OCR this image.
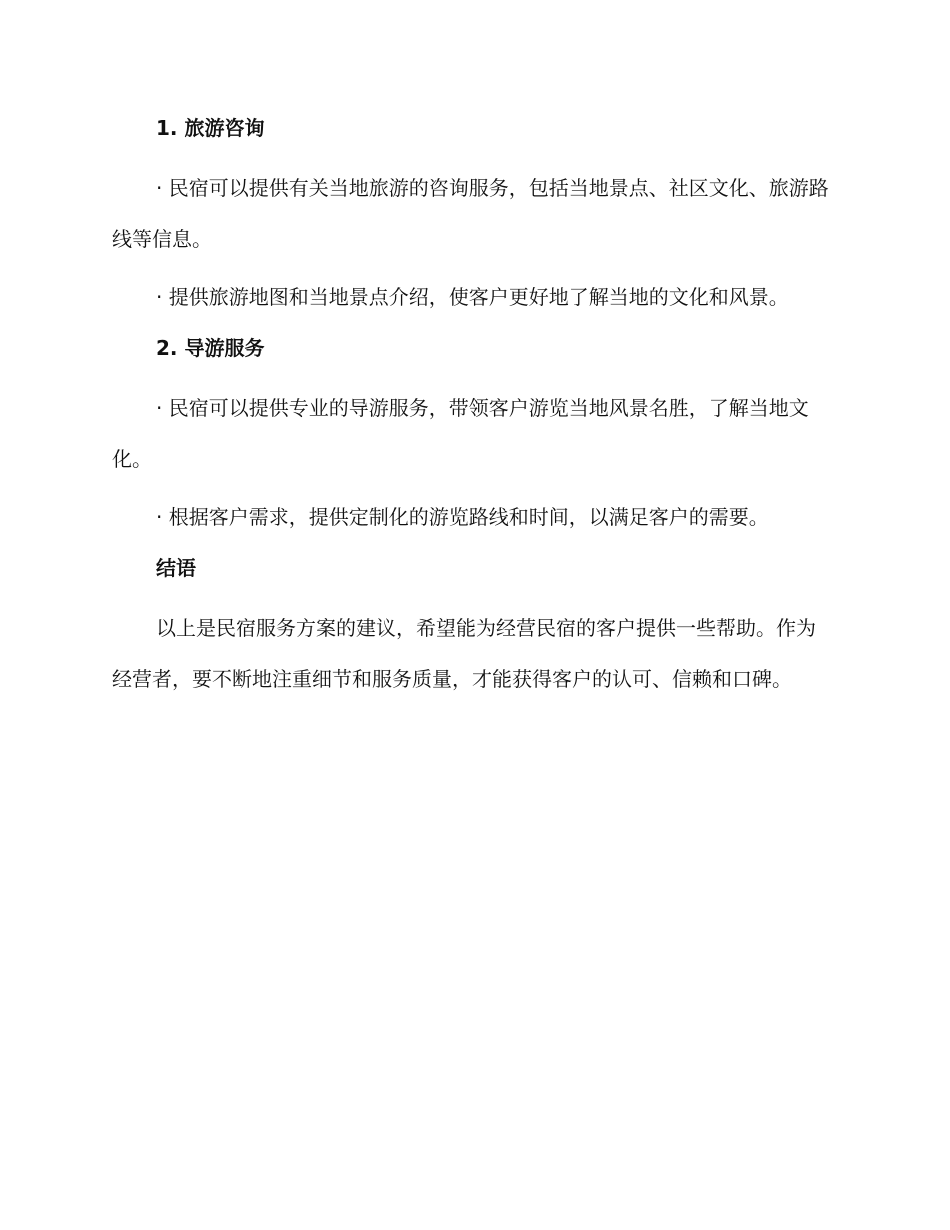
1. 旅游咨询

· 民宿可以提供有关当地旅游的咨询服务，包括当地景点、社区文化、旅游路线等信息。

· 提供旅游地图和当地景点介绍，使客户更好地了解当地的文化和风景。

2. 导游服务

· 民宿可以提供专业的导游服务，带领客户游览当地风景名胜，了解当地文化。

· 根据客户需求，提供定制化的游览路线和时间，以满足客户的需要。

结语

以上是民宿服务方案的建议，希望能为经营民宿的客户提供一些帮助。作为经营者，要不断地注重细节和服务质量，才能获得客户的认可、信赖和口碑。
